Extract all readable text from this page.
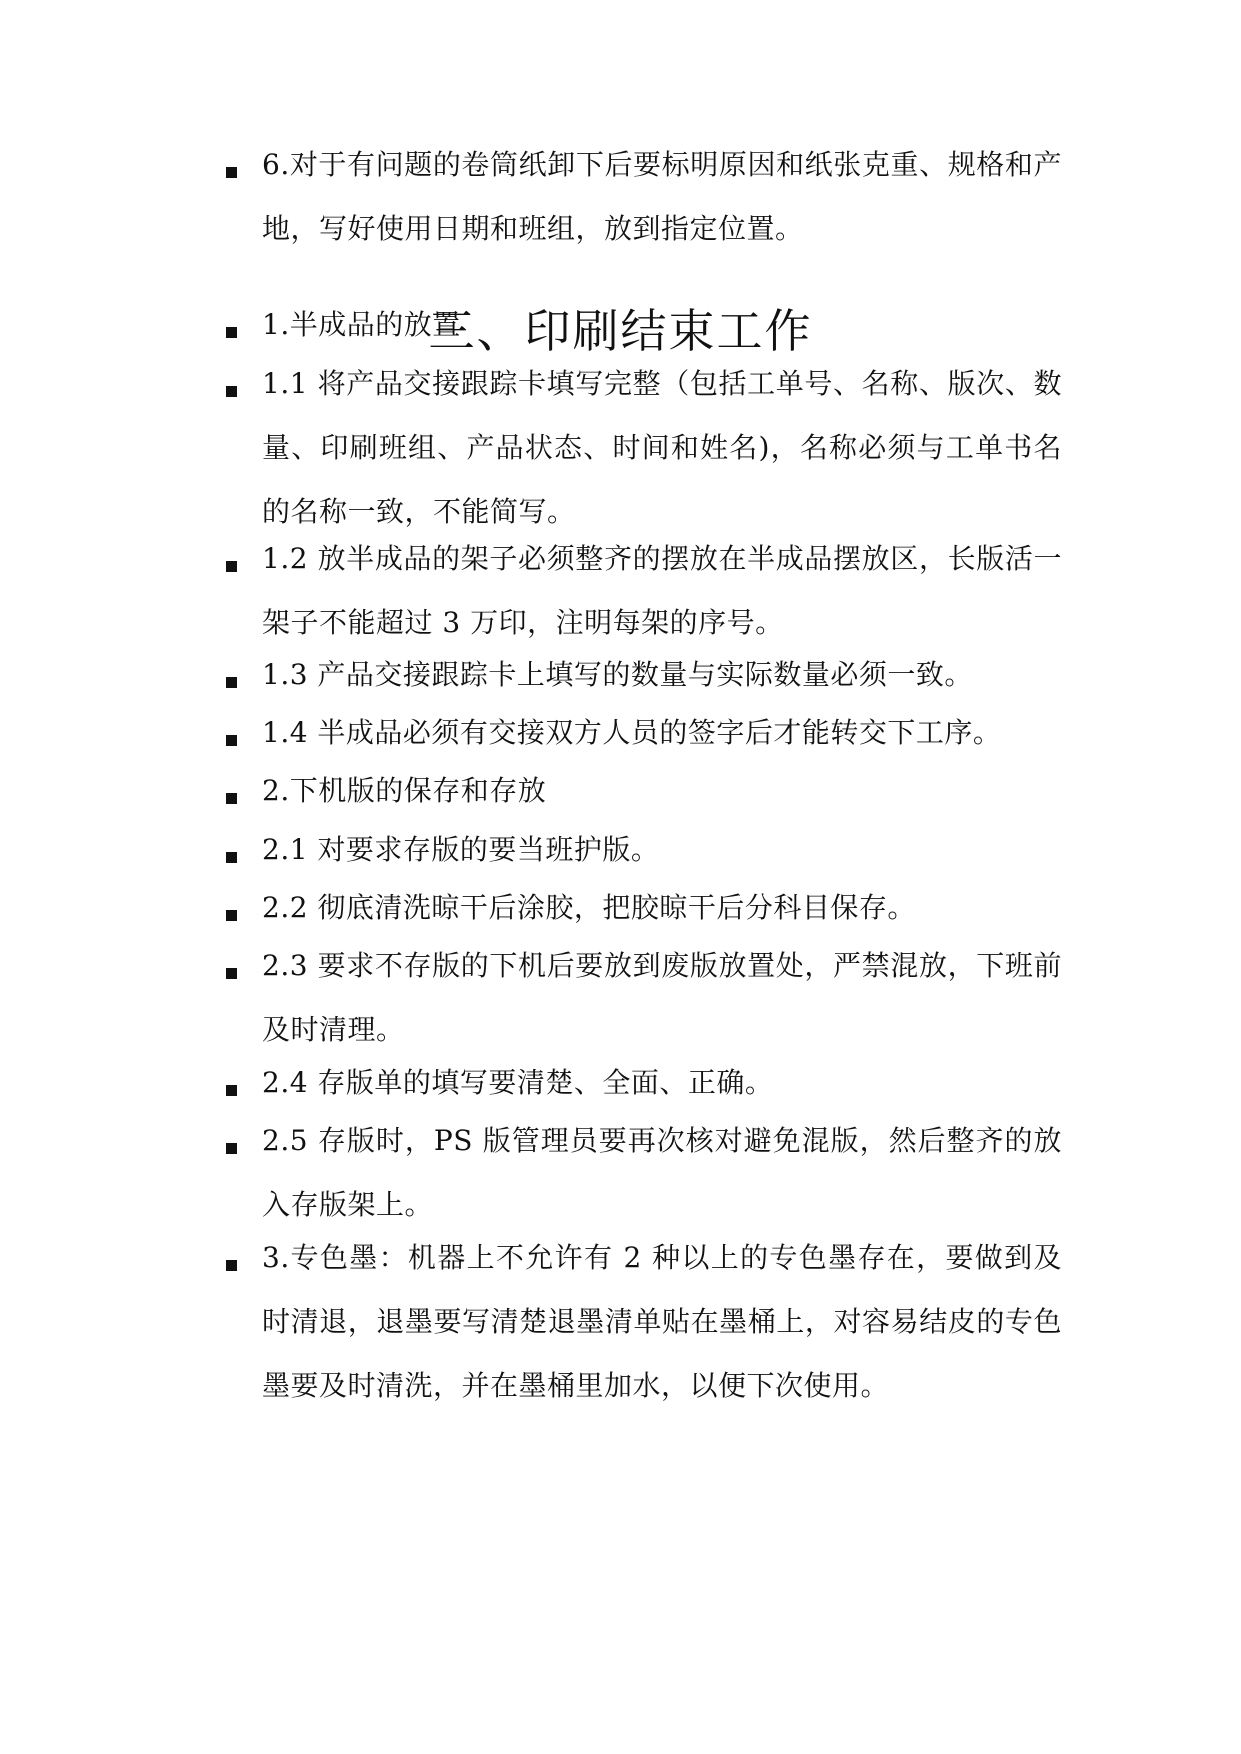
6.对于有问题的卷筒纸卸下后要标明原因和纸张克重、规格和产地，写好使用日期和班组，放到指定位置。
三、印刷结束工作
1.半成品的放置
1.1 将产品交接跟踪卡填写完整（包括工单号、名称、版次、数量、印刷班组、产品状态、时间和姓名)，名称必须与工单书名的名称一致，不能简写。
1.2 放半成品的架子必须整齐的摆放在半成品摆放区，长版活一架子不能超过 3 万印，注明每架的序号。
1.3 产品交接跟踪卡上填写的数量与实际数量必须一致。
1.4 半成品必须有交接双方人员的签字后才能转交下工序。
2.下机版的保存和存放
2.1 对要求存版的要当班护版。
2.2 彻底清洗晾干后涂胶，把胶晾干后分科目保存。
2.3 要求不存版的下机后要放到废版放置处，严禁混放，下班前及时清理。
2.4 存版单的填写要清楚、全面、正确。
2.5 存版时，PS 版管理员要再次核对避免混版，然后整齐的放入存版架上。
3.专色墨：机器上不允许有 2 种以上的专色墨存在，要做到及时清退，退墨要写清楚退墨清单贴在墨桶上，对容易结皮的专色墨要及时清洗，并在墨桶里加水，以便下次使用。
